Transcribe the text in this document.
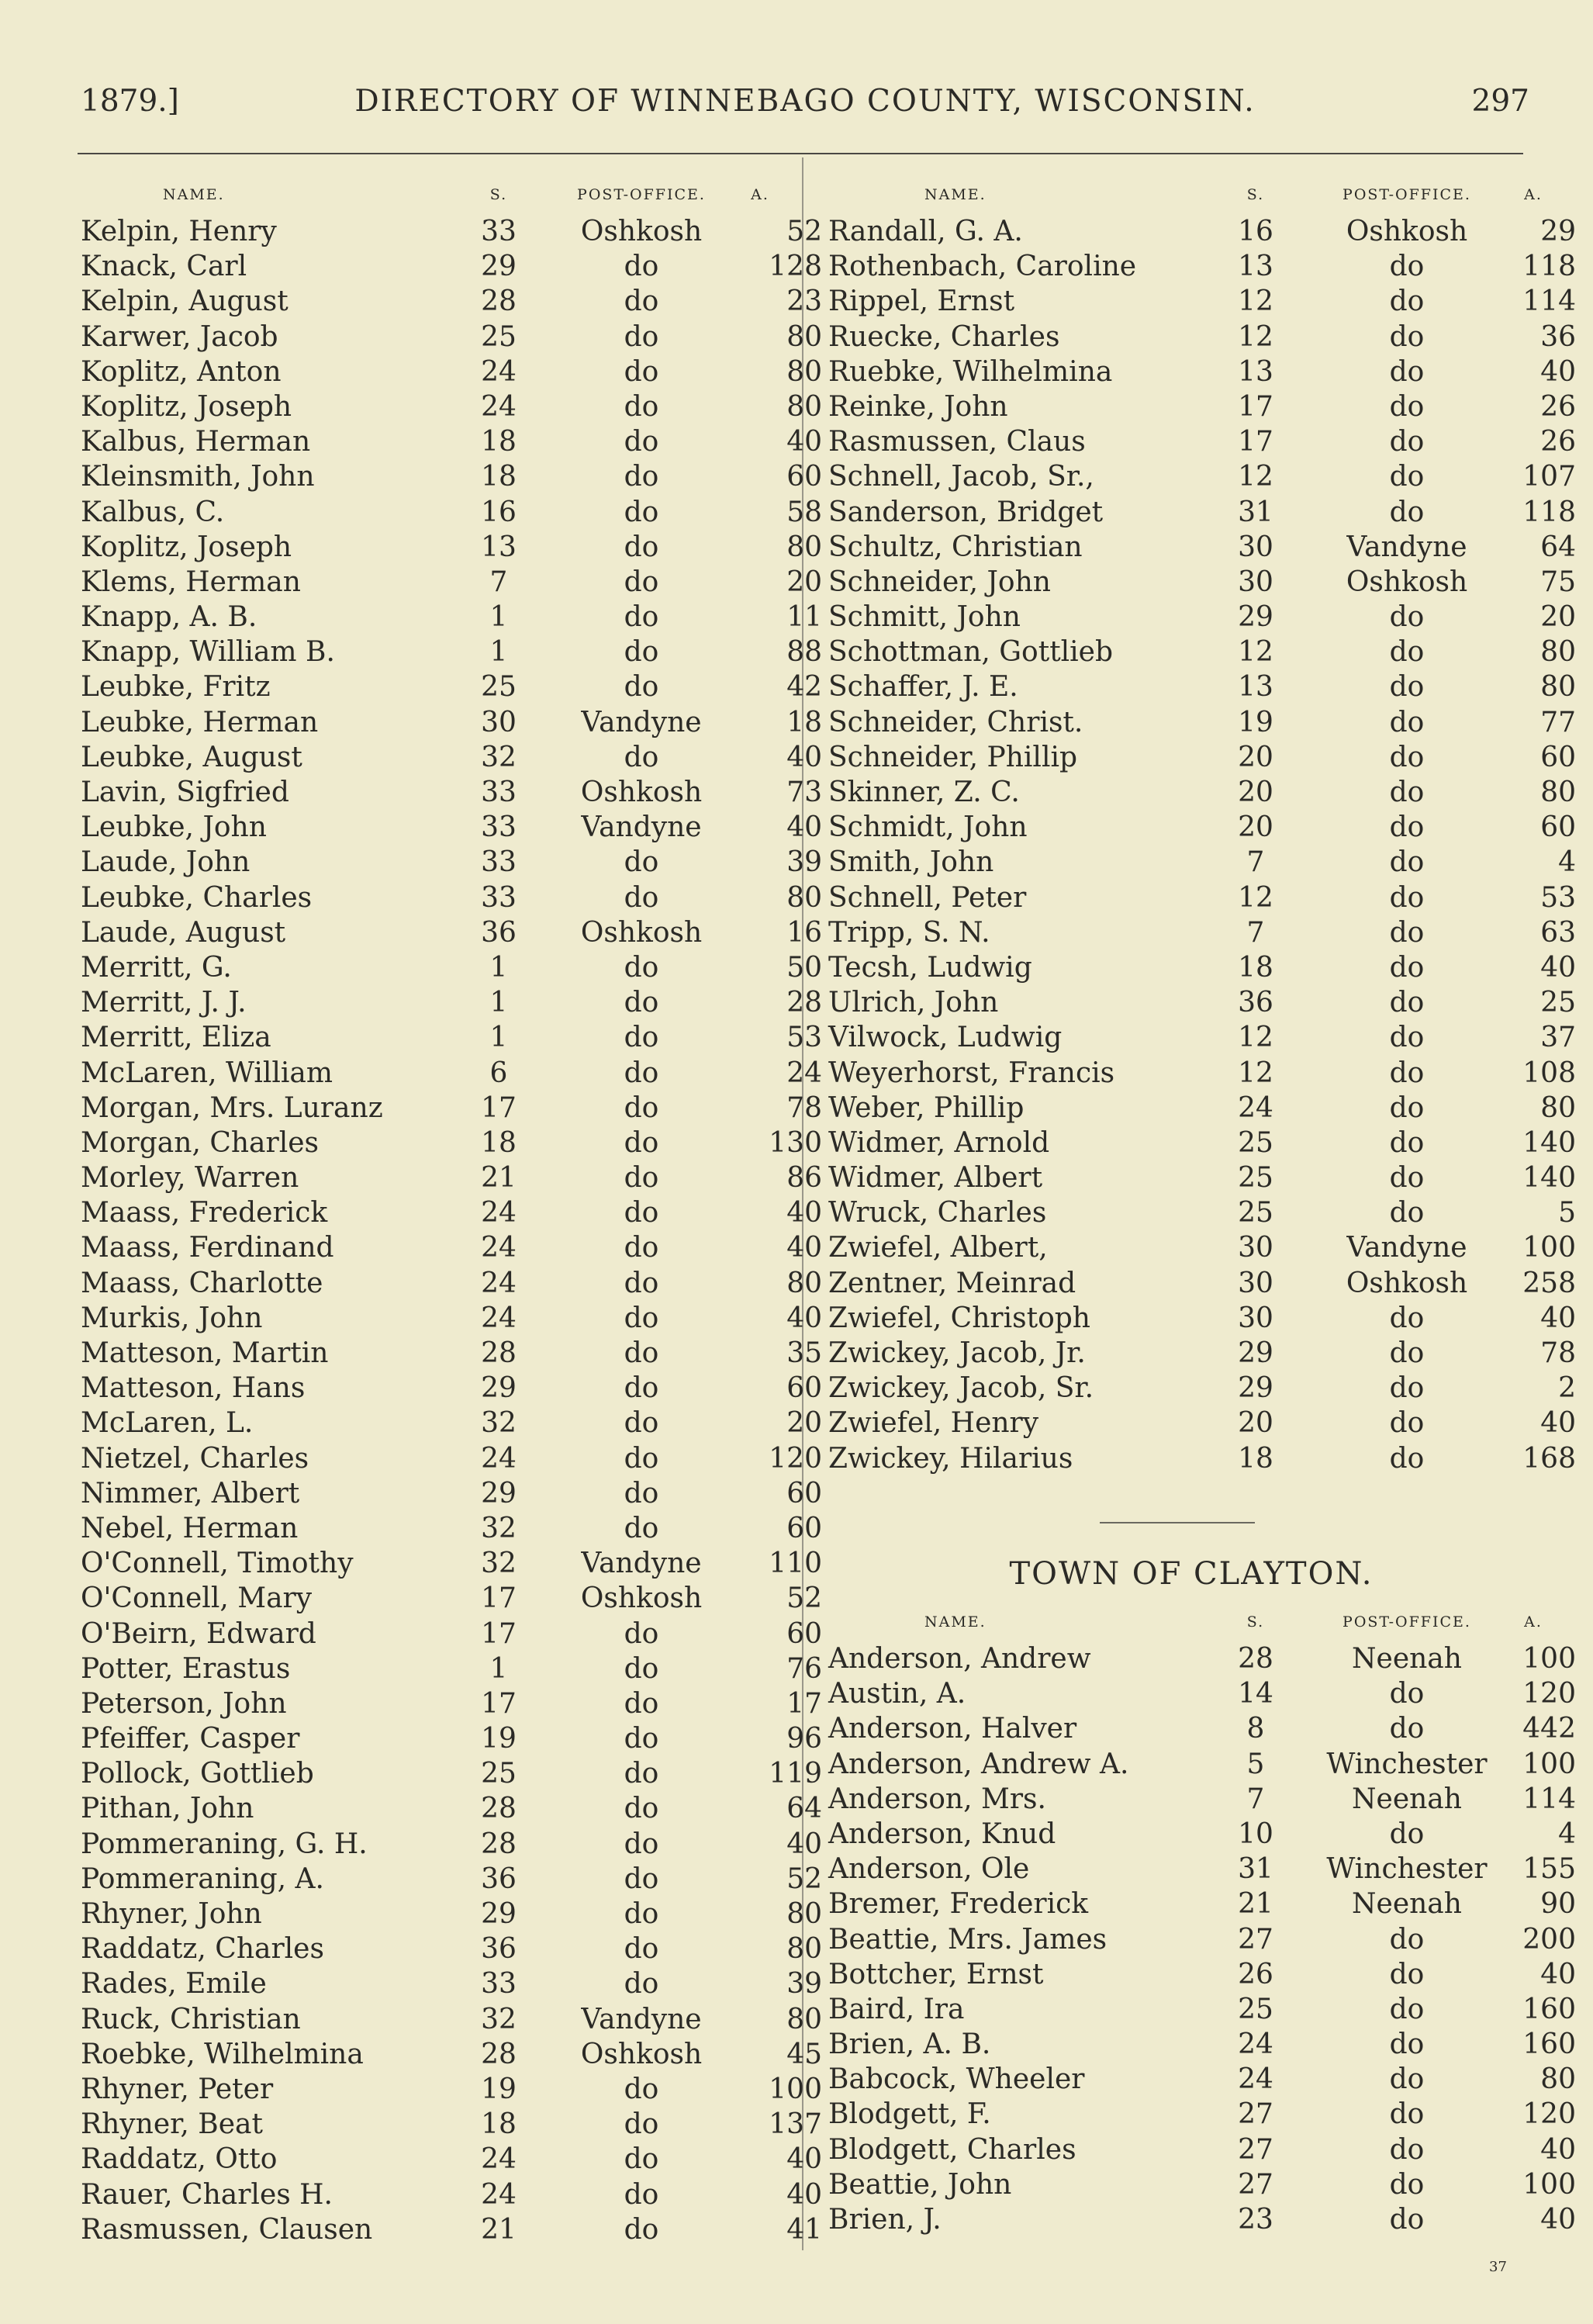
1879.]	DIRECTORY OF WINNEBAGO COUNTY, WISCONSIN.	297
NAME.	S.	POST-OFFICE.	A.
Kelpin, Henry	33	Oshkosh	52
Knack, Carl	29	do	128
Kelpin, August	28	do	23
Karwer, Jacob	25	do	80
Koplitz, Anton	24	do	80
Koplitz, Joseph	24	do	80
Kalbus, Herman	18	do	40
Kleinsmith, John	18	do	60
Kalbus, C.	16	do	58
Koplitz, Joseph	13	do	80
Klems, Herman	7	do	20
Knapp, A. B.	1	do	11
Knapp, William B.	1	do	88
Leubke, Fritz	25	do	42
Leubke, Herman	30	Vandyne	18
Leubke, August	32	do	40
Lavin, Sigfried	33	Oshkosh	73
Leubke, John	33	Vandyne	40
Laude, John	33	do	39
Leubke, Charles	33	do	80
Laude, August	36	Oshkosh	16
Merritt, G.	1	do	50
Merritt, J. J.	1	do	28
Merritt, Eliza	1	do	53
McLaren, William	6	do	24
Morgan, Mrs. Luranz	17	do	78
Morgan, Charles	18	do	130
Morley, Warren	21	do	86
Maass, Frederick	24	do	40
Maass, Ferdinand	24	do	40
Maass, Charlotte	24	do	80
Murkis, John	24	do	40
Matteson, Martin	28	do	35
Matteson, Hans	29	do	60
McLaren, L.	32	do	20
Nietzel, Charles	24	do	120
Nimmer, Albert	29	do	60
Nebel, Herman	32	do	60
O'Connell, Timothy	32	Vandyne	110
O'Connell, Mary	17	Oshkosh	52
O'Beirn, Edward	17	do	60
Potter, Erastus	1	do	76
Peterson, John	17	do	17
Pfeiffer, Casper	19	do	96
Pollock, Gottlieb	25	do	119
Pithan, John	28	do	64
Pommeraning, G. H.	28	do	40
Pommeraning, A.	36	do	52
Rhyner, John	29	do	80
Raddatz, Charles	36	do	80
Rades, Emile	33	do	39
Ruck, Christian	32	Vandyne	80
Roebke, Wilhelmina	28	Oshkosh	45
Rhyner, Peter	19	do	100
Rhyner, Beat	18	do	137
Raddatz, Otto	24	do	40
Rauer, Charles H.	24	do	40
Rasmussen, Clausen	21	do	41
NAME.	S.	POST-OFFICE.	A.
Randall, G. A.	16	Oshkosh	29
Rothenbach, Caroline	13	do	118
Rippel, Ernst	12	do	114
Ruecke, Charles	12	do	36
Ruebke, Wilhelmina	13	do	40
Reinke, John	17	do	26
Rasmussen, Claus	17	do	26
Schnell, Jacob, Sr.,	12	do	107
Sanderson, Bridget	31	do	118
Schultz, Christian	30	Vandyne	64
Schneider, John	30	Oshkosh	75
Schmitt, John	29	do	20
Schottman, Gottlieb	12	do	80
Schaffer, J. E.	13	do	80
Schneider, Christ.	19	do	77
Schneider, Phillip	20	do	60
Skinner, Z. C.	20	do	80
Schmidt, John	20	do	60
Smith, John	7	do	4
Schnell, Peter	12	do	53
Tripp, S. N.	7	do	63
Tecsh, Ludwig	18	do	40
Ulrich, John	36	do	25
Vilwock, Ludwig	12	do	37
Weyerhorst, Francis	12	do	108
Weber, Phillip	24	do	80
Widmer, Arnold	25	do	140
Widmer, Albert	25	do	140
Wruck, Charles	25	do	5
Zwiefel, Albert,	30	Vandyne	100
Zentner, Meinrad	30	Oshkosh	258
Zwiefel, Christoph	30	do	40
Zwickey, Jacob, Jr.	29	do	78
Zwickey, Jacob, Sr.	29	do	2
Zwiefel, Henry	20	do	40
Zwickey, Hilarius	18	do	168
TOWN OF CLAYTON.
NAME.	S.	POST-OFFICE.	A.
Anderson, Andrew	28	Neenah	100
Austin, A.	14	do	120
Anderson, Halver	8	do	442
Anderson, Andrew A.	5	Winchester	100
Anderson, Mrs.	7	Neenah	114
Anderson, Knud	10	do	4
Anderson, Ole	31	Winchester	155
Bremer, Frederick	21	Neenah	90
Beattie, Mrs. James	27	do	200
Bottcher, Ernst	26	do	40
Baird, Ira	25	do	160
Brien, A. B.	24	do	160
Babcock, Wheeler	24	do	80
Blodgett, F.	27	do	120
Blodgett, Charles	27	do	40
Beattie, John	27	do	100
Brien, J.	23	do	40
37
